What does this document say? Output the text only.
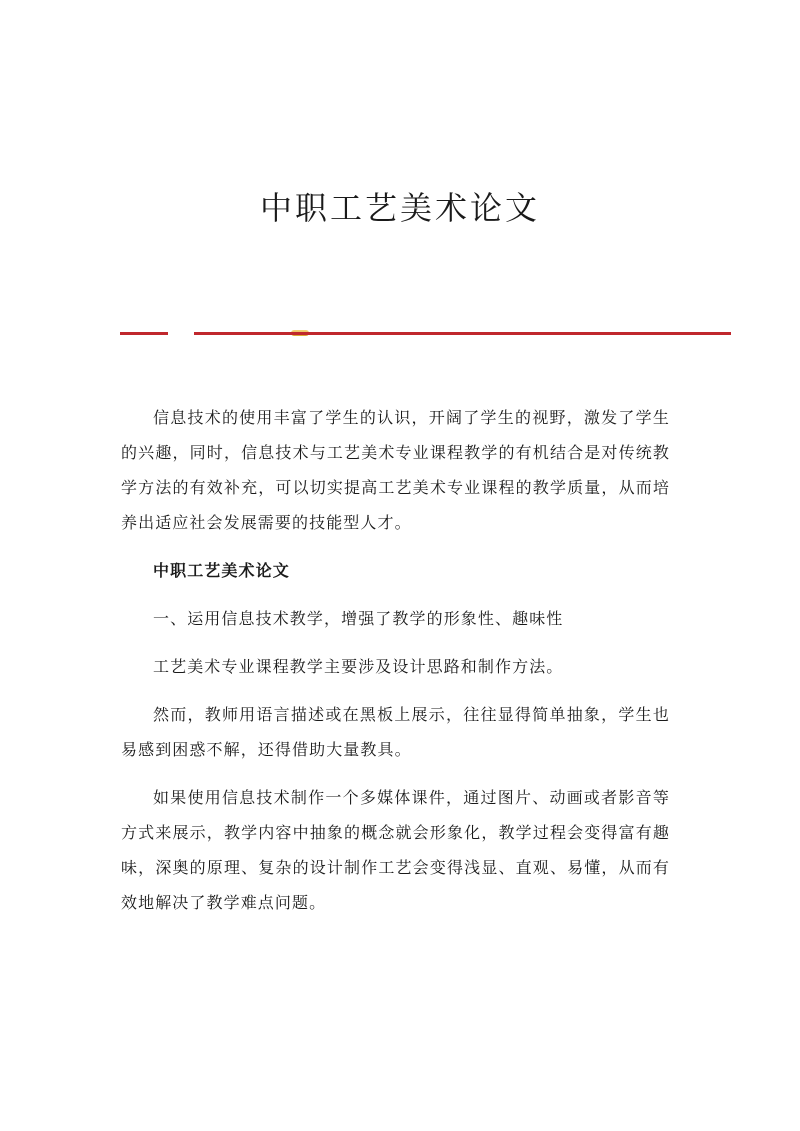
中职工艺美术论文

信息技术的使用丰富了学生的认识，开阔了学生的视野，激发了学生的兴趣，同时，信息技术与工艺美术专业课程教学的有机结合是对传统教学方法的有效补充，可以切实提高工艺美术专业课程的教学质量，从而培养出适应社会发展需要的技能型人才。

中职工艺美术论文

一、运用信息技术教学，增强了教学的形象性、趣味性

工艺美术专业课程教学主要涉及设计思路和制作方法。

然而，教师用语言描述或在黑板上展示，往往显得简单抽象，学生也易感到困惑不解，还得借助大量教具。

如果使用信息技术制作一个多媒体课件，通过图片、动画或者影音等方式来展示，教学内容中抽象的概念就会形象化，教学过程会变得富有趣味，深奥的原理、复杂的设计制作工艺会变得浅显、直观、易懂，从而有效地解决了教学难点问题。
